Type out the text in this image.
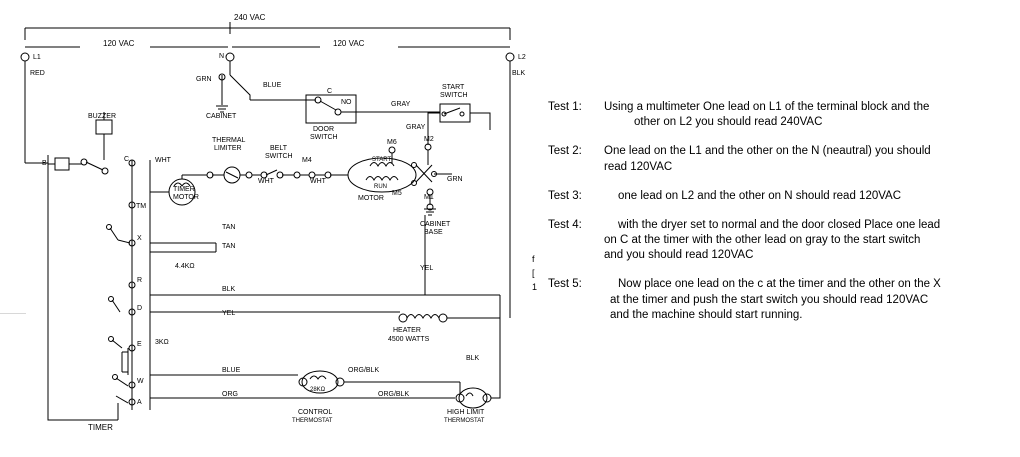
240 VAC
120 VAC	120 VAC
L1	L2
N
RED	BLK
GRN
BLUE
CABINET
BUZZER
C
NO
DOOR
SWITCH
GRAY
GRAY
START
SWITCH
THERMAL
LIMITER	BELT
SWITCH
WHT
WHT	WHT
M4
M6	M2
M5
M1
START
RUN
MOTOR
GRN
CABINET
BASE
TIMER
MOTOR
C
TM
X
R
D
E
W
A
B
TAN
TAN
4.4KΩ
BLK
YEL
YEL
HEATER
4500 WATTS
3KΩ
BLUE
ORG
ORG/BLK
ORG/BLK
BLK
28KΩ
CONTROL
THERMOSTAT
HIGH LIMIT
THERMOSTAT
TIMER
f
[
1
Test 1:	Using a multimeter One lead on L1 of the terminal block and the
other on L2 you should read 240VAC
Test 2:	One lead on the L1 and the other on the N (neautral) you should
read 120VAC
Test 3:	one lead on L2 and the other on N should read 120VAC
Test 4:	with the dryer set to normal and the door closed Place one lead
on C at the timer with the other lead on gray to the start switch
and you should read 120VAC
Test 5:	Now place one lead on the c at the timer and the other on the X
at the timer and push the start switch you should read 120VAC
and the machine should start running.
